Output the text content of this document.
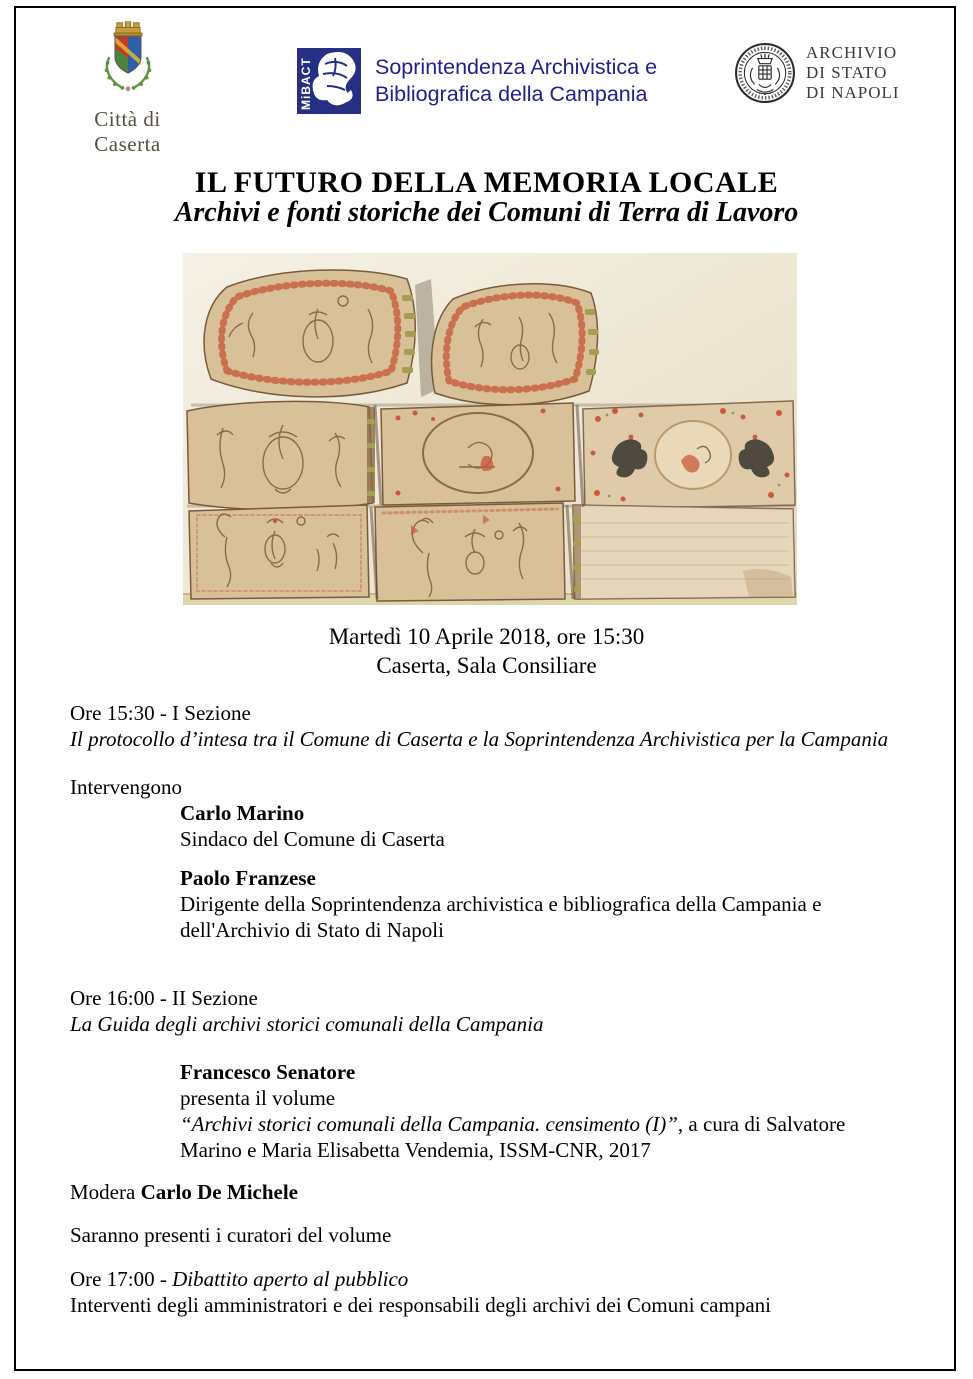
Città di Caserta
MiBACT	Soprintendenza Archivistica e
Bibliografica della Campania
ARCHIVIO
DI STATO
DI NAPOLI
IL FUTURO DELLA MEMORIA LOCALE
Archivi e fonti storiche dei Comuni di Terra di Lavoro
Martedì 10 Aprile 2018, ore 15:30
Caserta, Sala Consiliare

Ore 15:30 - I Sezione

Il protocollo d’intesa tra il Comune di Caserta e la Soprintendenza Archivistica per la Campania

Intervengono

Carlo Marino

Sindaco del Comune di Caserta

Paolo Franzese

Dirigente della Soprintendenza archivistica e bibliografica della Campania e dell'Archivio di Stato di Napoli

Ore 16:00 - II Sezione

La Guida degli archivi storici comunali della Campania

Francesco Senatore

presenta il volume

“Archivi storici comunali della Campania. censimento (I)”, a cura di Salvatore Marino e Maria Elisabetta Vendemia, ISSM-CNR, 2017

Modera Carlo De Michele

Saranno presenti i curatori del volume

Ore 17:00 - Dibattito aperto al pubblico

Interventi degli amministratori e dei responsabili degli archivi dei Comuni campani
